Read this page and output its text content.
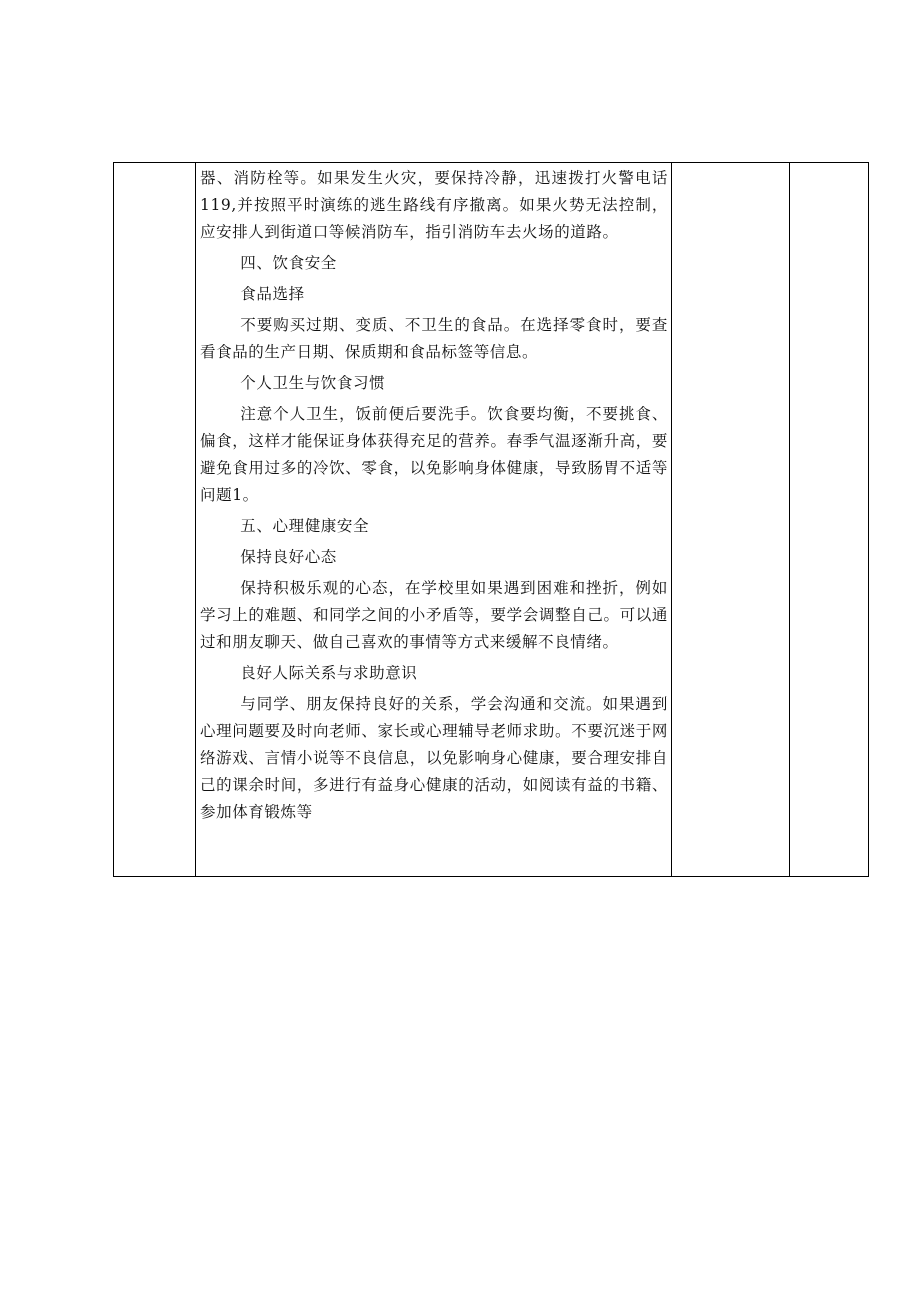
器、消防栓等。如果发生火灾，要保持冷静，迅速拨打火警电话119,并按照平时演练的逃生路线有序撤离。如果火势无法控制，应安排人到街道口等候消防车，指引消防车去火场的道路。

四、饮食安全

食品选择

不要购买过期、变质、不卫生的食品。在选择零食时，要查看食品的生产日期、保质期和食品标签等信息。

个人卫生与饮食习惯

注意个人卫生，饭前便后要洗手。饮食要均衡，不要挑食、偏食，这样才能保证身体获得充足的营养。春季气温逐渐升高，要避免食用过多的冷饮、零食，以免影响身体健康，导致肠胃不适等问题1。

五、心理健康安全

保持良好心态

保持积极乐观的心态，在学校里如果遇到困难和挫折，例如学习上的难题、和同学之间的小矛盾等，要学会调整自己。可以通过和朋友聊天、做自己喜欢的事情等方式来缓解不良情绪。

良好人际关系与求助意识

与同学、朋友保持良好的关系，学会沟通和交流。如果遇到心理问题要及时向老师、家长或心理辅导老师求助。不要沉迷于网络游戏、言情小说等不良信息，以免影响身心健康，要合理安排自己的课余时间，多进行有益身心健康的活动，如阅读有益的书籍、参加体育锻炼等
